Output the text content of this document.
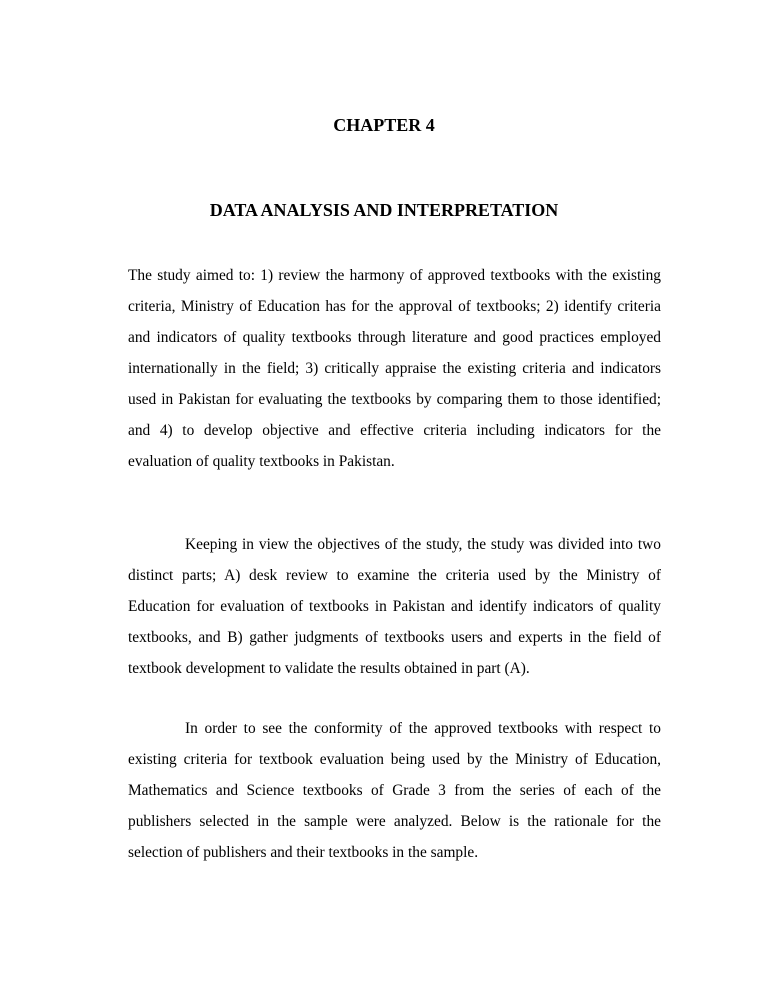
CHAPTER 4
DATA ANALYSIS AND INTERPRETATION
The study aimed to: 1) review the harmony of approved textbooks with the existing criteria, Ministry of Education has for the approval of textbooks; 2) identify criteria and indicators of quality textbooks through literature and good practices employed internationally in the field; 3) critically appraise the existing criteria and indicators used in Pakistan for evaluating the textbooks by comparing them to those identified; and 4) to develop objective and effective criteria including indicators for the evaluation of quality textbooks in Pakistan.
Keeping in view the objectives of the study, the study was divided into two distinct parts; A) desk review to examine the criteria used by the Ministry of Education for evaluation of textbooks in Pakistan and identify indicators of quality textbooks, and B) gather judgments of textbooks users and experts in the field of textbook development to validate the results obtained in part (A).
In order to see the conformity of the approved textbooks with respect to existing criteria for textbook evaluation being used by the Ministry of Education, Mathematics and Science textbooks of Grade 3 from the series of each of the publishers selected in the sample were analyzed. Below is the rationale for the selection of publishers and their textbooks in the sample.
